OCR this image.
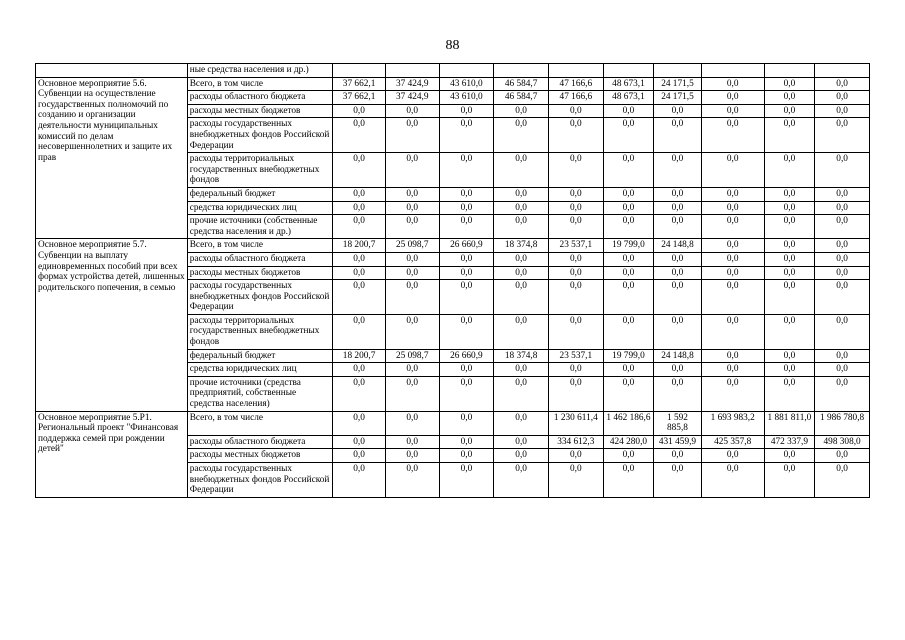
88
	ные средства населения и др.)										
Основное мероприятие 5.6. Субвенции на осуществление государственных полномочий по созданию и организации деятельности муниципальных комиссий по делам несовершеннолетних и защите их прав	Всего, в том числе	37 662,1	37 424,9	43 610,0	46 584,7	47 166,6	48 673,1	24 171,5	0,0	0,0	0,0
	расходы областного бюджета	37 662,1	37 424,9	43 610,0	46 584,7	47 166,6	48 673,1	24 171,5	0,0	0,0	0,0
	расходы местных бюджетов	0,0	0,0	0,0	0,0	0,0	0,0	0,0	0,0	0,0	0,0
	расходы государственных внебюджетных фондов Российской Федерации	0,0	0,0	0,0	0,0	0,0	0,0	0,0	0,0	0,0	0,0
	расходы территориальных государственных внебюджетных фондов	0,0	0,0	0,0	0,0	0,0	0,0	0,0	0,0	0,0	0,0
	федеральный бюджет	0,0	0,0	0,0	0,0	0,0	0,0	0,0	0,0	0,0	0,0
	средства юридических лиц	0,0	0,0	0,0	0,0	0,0	0,0	0,0	0,0	0,0	0,0
	прочие источники (собственные средства населения и др.)	0,0	0,0	0,0	0,0	0,0	0,0	0,0	0,0	0,0	0,0
Основное мероприятие 5.7. Субвенции на выплату единовременных пособий при всех формах устройства детей, лишенных родительского попечения, в семью	Всего, в том числе	18 200,7	25 098,7	26 660,9	18 374,8	23 537,1	19 799,0	24 148,8	0,0	0,0	0,0
	расходы областного бюджета	0,0	0,0	0,0	0,0	0,0	0,0	0,0	0,0	0,0	0,0
	расходы местных бюджетов	0,0	0,0	0,0	0,0	0,0	0,0	0,0	0,0	0,0	0,0
	расходы государственных внебюджетных фондов Российской Федерации	0,0	0,0	0,0	0,0	0,0	0,0	0,0	0,0	0,0	0,0
	расходы территориальных государственных внебюджетных фондов	0,0	0,0	0,0	0,0	0,0	0,0	0,0	0,0	0,0	0,0
	федеральный бюджет	18 200,7	25 098,7	26 660,9	18 374,8	23 537,1	19 799,0	24 148,8	0,0	0,0	0,0
	средства юридических лиц	0,0	0,0	0,0	0,0	0,0	0,0	0,0	0,0	0,0	0,0
	прочие источники (средства предприятий, собственные средства населения)	0,0	0,0	0,0	0,0	0,0	0,0	0,0	0,0	0,0	0,0
Основное мероприятие 5.P1. Региональный проект "Финансовая поддержка семей при рождении детей"	Всего, в том числе	0,0	0,0	0,0	0,0	1 230 611,4	1 462 186,6	1 592 885,8	1 693 983,2	1 881 811,0	1 986 780,8
	расходы областного бюджета	0,0	0,0	0,0	0,0	334 612,3	424 280,0	431 459,9	425 357,8	472 337,9	498 308,0
	расходы местных бюджетов	0,0	0,0	0,0	0,0	0,0	0,0	0,0	0,0	0,0	0,0
	расходы государственных внебюджетных фондов Российской Федерации	0,0	0,0	0,0	0,0	0,0	0,0	0,0	0,0	0,0	0,0
